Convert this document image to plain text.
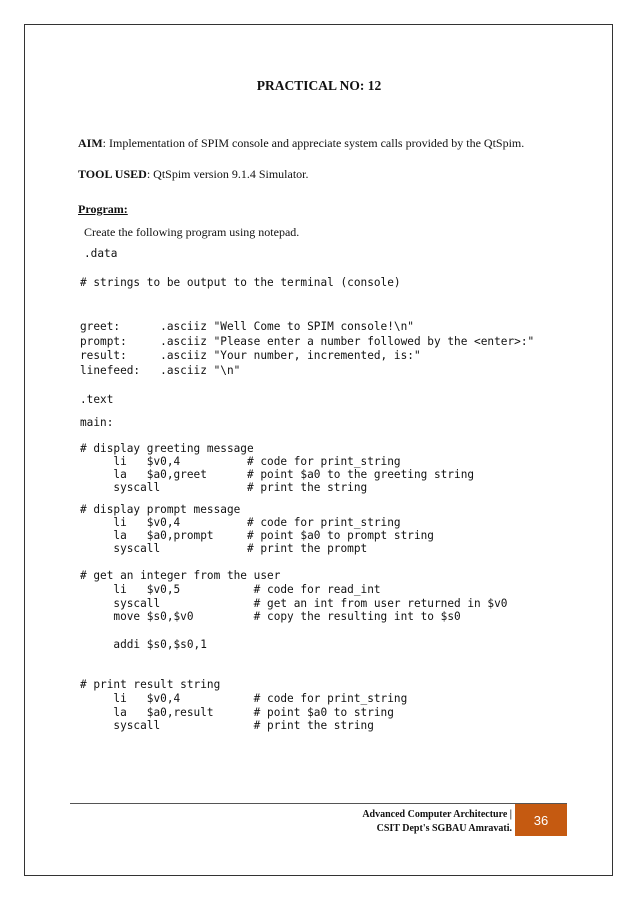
PRACTICAL NO: 12
AIM: Implementation of SPIM console and appreciate system calls provided by the QtSpim.
TOOL USED: QtSpim version 9.1.4 Simulator.
Program:
Create the following program using notepad.
.data
# strings to be output to the terminal (console)
greet:      .asciiz "Well Come to SPIM console!\n"
prompt:     .asciiz "Please enter a number followed by the <enter>:"
result:     .asciiz "Your number, incremented, is:"
linefeed:   .asciiz "\n"
.text
main:
# display greeting message
li   $v0,4          # code for print_string
la   $a0,greet      # point $a0 to the greeting string
syscall             # print the string
# display prompt message
li   $v0,4          # code for print_string
la   $a0,prompt     # point $a0 to prompt string
syscall             # print the prompt
# get an integer from the user
li   $v0,5           # code for read_int
syscall              # get an int from user returned in $v0
move $s0,$v0         # copy the resulting int to $s0
addi $s0,$s0,1
# print result string
li   $v0,4           # code for print_string
la   $a0,result      # point $a0 to string
syscall              # print the string
Advanced Computer Architecture |
CSIT Dept's SGBAU Amravati.
36
